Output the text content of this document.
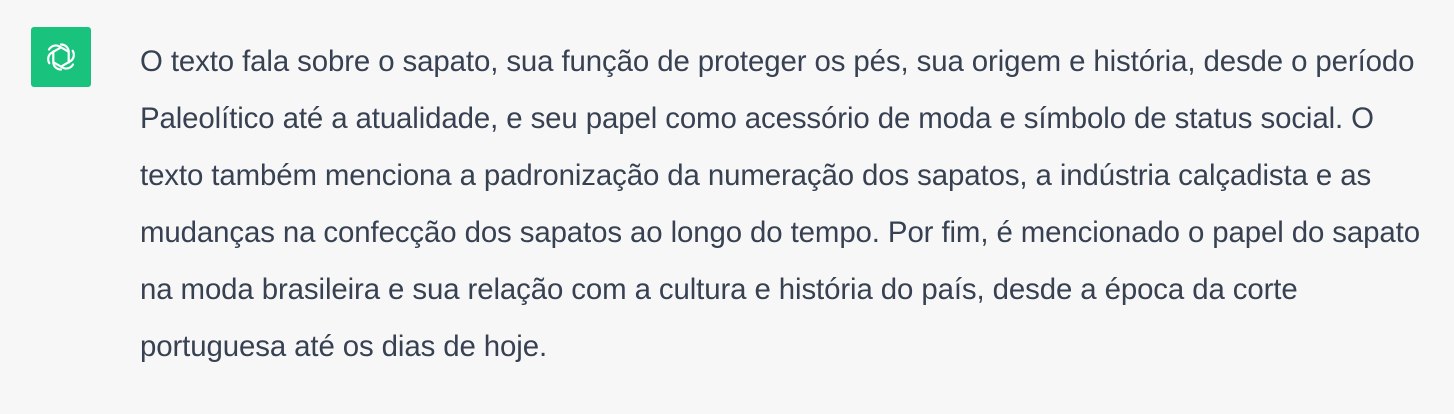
O texto fala sobre o sapato, sua função de proteger os pés, sua origem e história, desde o período Paleolítico até a atualidade, e seu papel como acessório de moda e símbolo de status social. O texto também menciona a padronização da numeração dos sapatos, a indústria calçadista e as mudanças na confecção dos sapatos ao longo do tempo. Por fim, é mencionado o papel do sapato na moda brasileira e sua relação com a cultura e história do país, desde a época da corte portuguesa até os dias de hoje.
